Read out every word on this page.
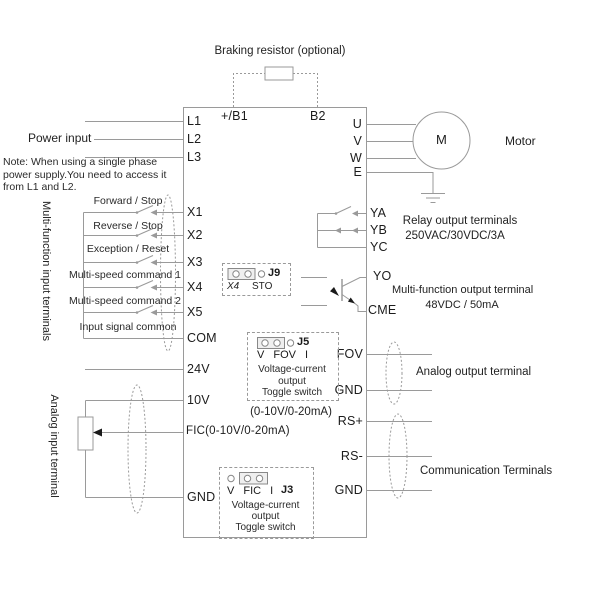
Braking resistor (optional)
+/B1	B2
Power input
L1
L2
L3
Note: When using a single phase
power supply.You need to access it
from L1 and L2.
Multi-function input terminals	Forward / Stop
Reverse / Stop
Exception / Reset
Multi-speed command 1
Multi-speed command 2
Input signal common
X1
X2
X3
X4
X5
COM
24V
10V
FIC(0-10V/0-20mA)
GND
Analog input terminal
U
V
W
E
M	Motor
YA
YB
YC
Relay output terminals
250VAC/30VDC/3A
YO
CME
Multi-function output terminal
48VDC / 50mA
FOV
GND
Analog output terminal
RS+
RS-
GND
Communication Terminals
J9
X4 STO
J5
V FOV I
Voltage-current
output
Toggle switch
(0-10V/0-20mA)
V FIC I J3
Voltage-current
output
Toggle switch
